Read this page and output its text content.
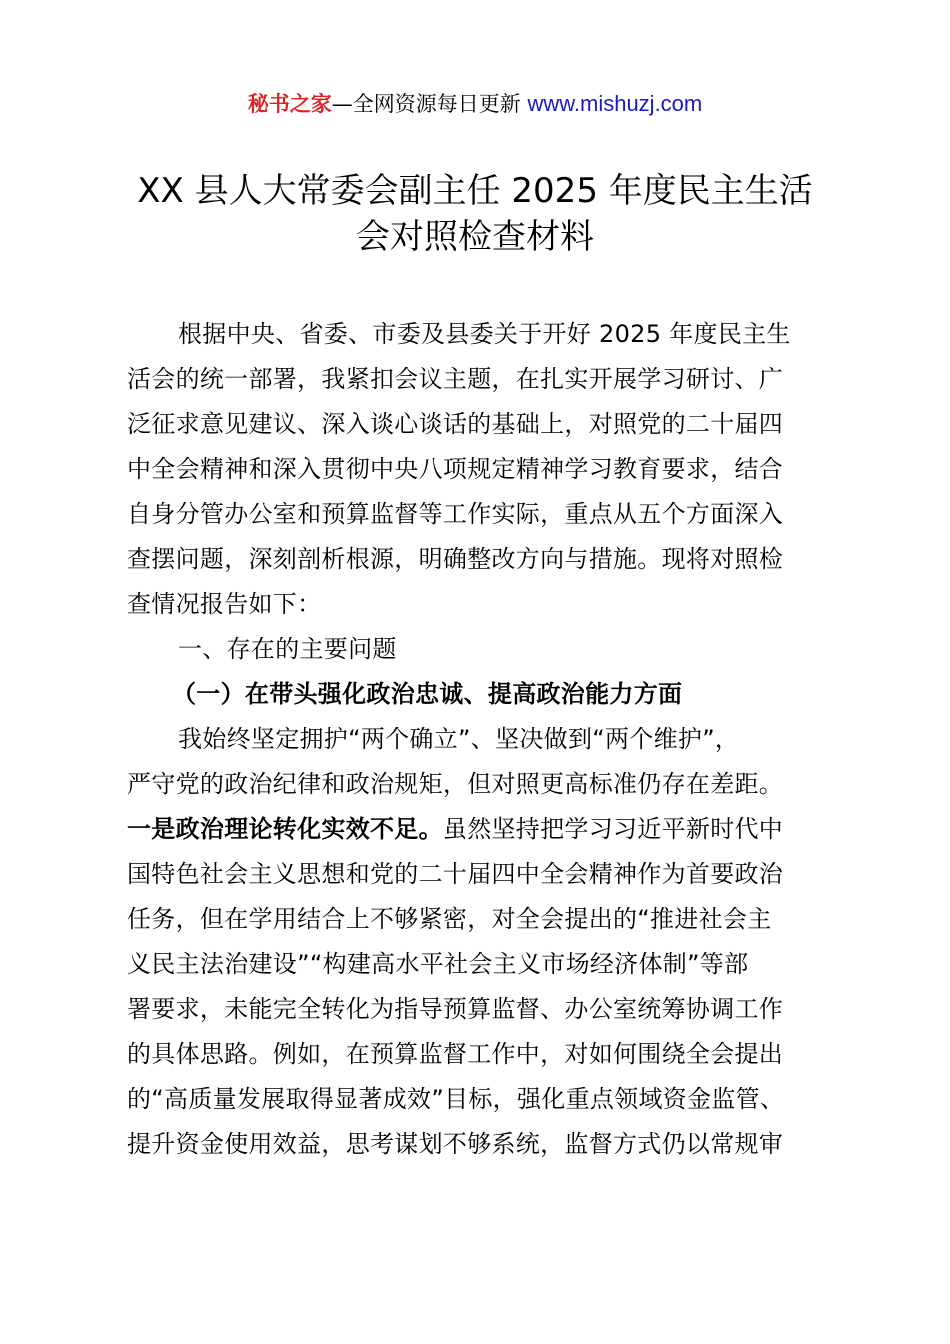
秘书之家—全网资源每日更新 www.mishuzj.com
XX 县人大常委会副主任 2025 年度民主生活
会对照检查材料
根据中央、省委、市委及县委关于开好 2025 年度民主生
活会的统一部署，我紧扣会议主题，在扎实开展学习研讨、广
泛征求意见建议、深入谈心谈话的基础上，对照党的二十届四
中全会精神和深入贯彻中央八项规定精神学习教育要求，结合
自身分管办公室和预算监督等工作实际，重点从五个方面深入
查摆问题，深刻剖析根源，明确整改方向与措施。现将对照检
查情况报告如下：
一、存在的主要问题
（一）在带头强化政治忠诚、提高政治能力方面
我始终坚定拥护“两个确立”、坚决做到“两个维护”，
严守党的政治纪律和政治规矩，但对照更高标准仍存在差距。
一是政治理论转化实效不足。虽然坚持把学习习近平新时代中
国特色社会主义思想和党的二十届四中全会精神作为首要政治
任务，但在学用结合上不够紧密，对全会提出的“推进社会主
义民主法治建设”“构建高水平社会主义市场经济体制”等部
署要求，未能完全转化为指导预算监督、办公室统筹协调工作
的具体思路。例如，在预算监督工作中，对如何围绕全会提出
的“高质量发展取得显著成效”目标，强化重点领域资金监管、
提升资金使用效益，思考谋划不够系统，监督方式仍以常规审
